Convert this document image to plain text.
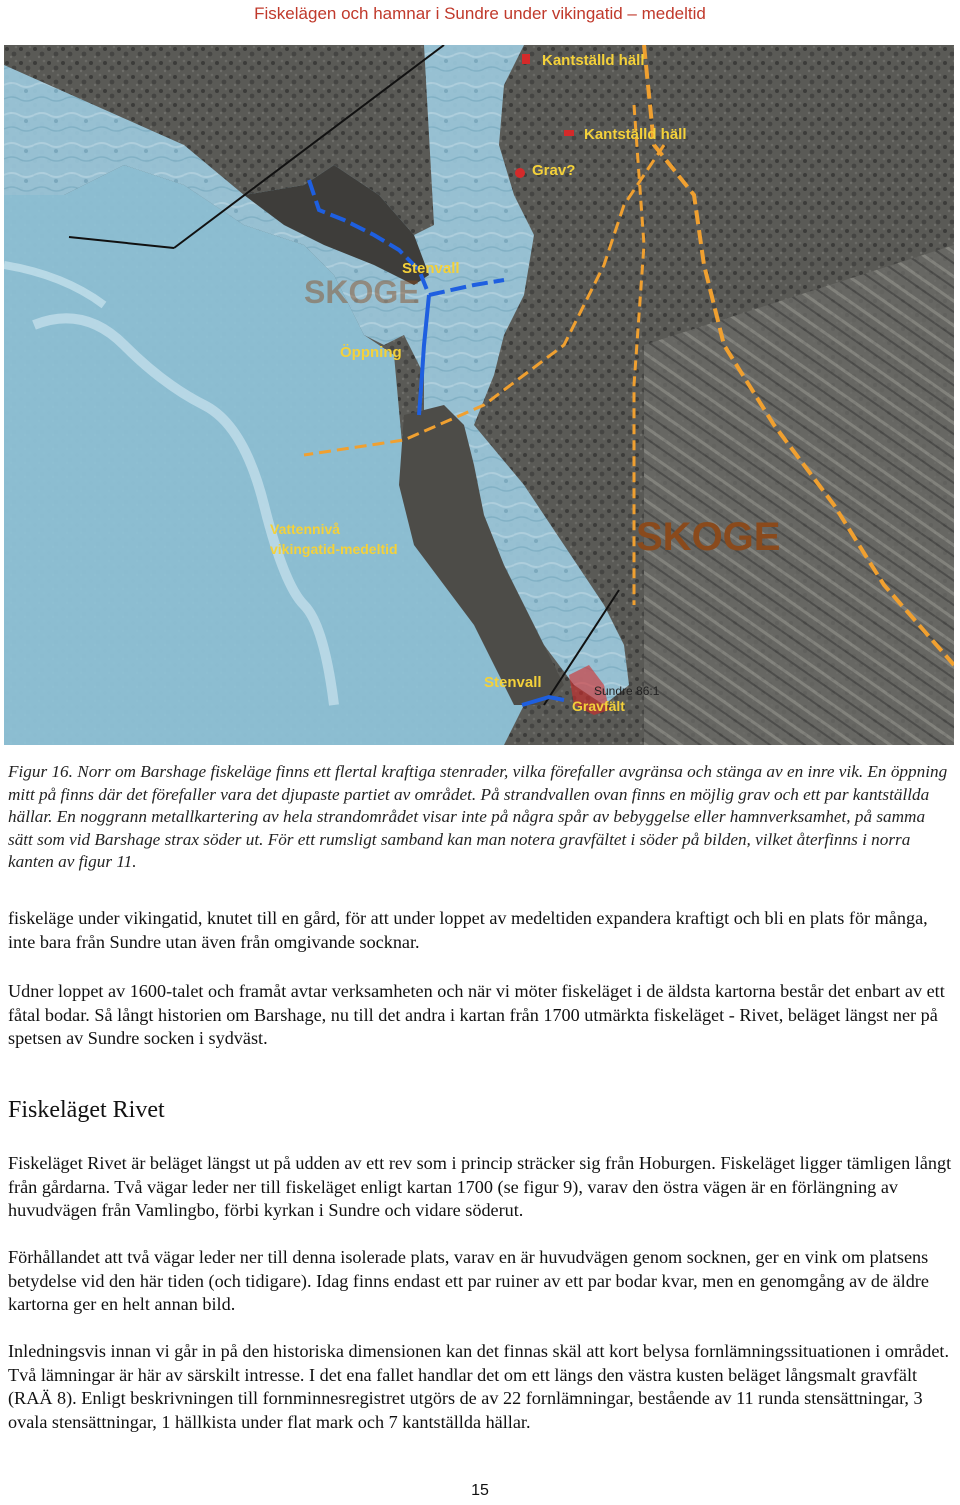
Fiskelägen och hamnar i Sundre under vikingatid – medeltid
Kantställd häll
Kantställd häll
Grav?
Stenvall
SKOGE
Öppning
Vattennivå
vikingatid-medeltid	SKOGE
Stenvall
Gravfält
Sundre 86:1

Figur 16. Norr om Barshage fiskeläge finns ett flertal kraftiga stenrader, vilka förefaller avgränsa och stänga av en inre vik. En öppning mitt på finns där det förefaller vara det djupaste partiet av området. På strandvallen ovan finns en möjlig grav och ett par kantställda hällar. En noggrann metallkartering av hela strandområdet visar inte på några spår av bebyggelse eller hamnverksamhet, på samma sätt som vid Barshage strax söder ut. För ett rumsligt samband kan man notera gravfältet i söder på bilden, vilket återfinns i norra kanten av figur 11.

fiskeläge under vikingatid, knutet till en gård, för att under loppet av medeltiden expandera kraftigt och bli en plats för många, inte bara från Sundre utan även från omgivande socknar.

Udner loppet av 1600-talet och framåt avtar verksamheten och när vi möter fiskeläget i de äldsta kartorna består det enbart av ett fåtal bodar. Så långt historien om Barshage, nu till det andra i kartan från 1700 utmärkta fiskeläget - Rivet, beläget längst ner på spetsen av Sundre socken i sydväst.

Fiskeläget Rivet

Fiskeläget Rivet är beläget längst ut på udden av ett rev som i princip sträcker sig från Hoburgen. Fiskeläget ligger tämligen långt från gårdarna. Två vägar leder ner till fiskeläget enligt kartan 1700 (se figur 9), varav den östra vägen är en förlängning av huvudvägen från Vamlingbo, förbi kyrkan i Sundre och vidare söderut.

Förhållandet att två vägar leder ner till denna isolerade plats, varav en är huvudvägen genom socknen, ger en vink om platsens betydelse vid den här tiden (och tidigare). Idag finns endast ett par ruiner av ett par bodar kvar, men en genomgång av de äldre kartorna ger en helt annan bild.

Inledningsvis innan vi går in på den historiska dimensionen kan det finnas skäl att kort belysa fornlämningssituationen i området. Två lämningar är här av särskilt intresse. I det ena fallet handlar det om ett längs den västra kusten beläget långsmalt gravfält (RAÄ 8). Enligt beskrivningen till fornminnesregistret utgörs de av 22 fornlämningar, bestående av 11 runda stensättningar, 3 ovala stensättningar, 1 hällkista under flat mark och 7 kantställda hällar.

15
